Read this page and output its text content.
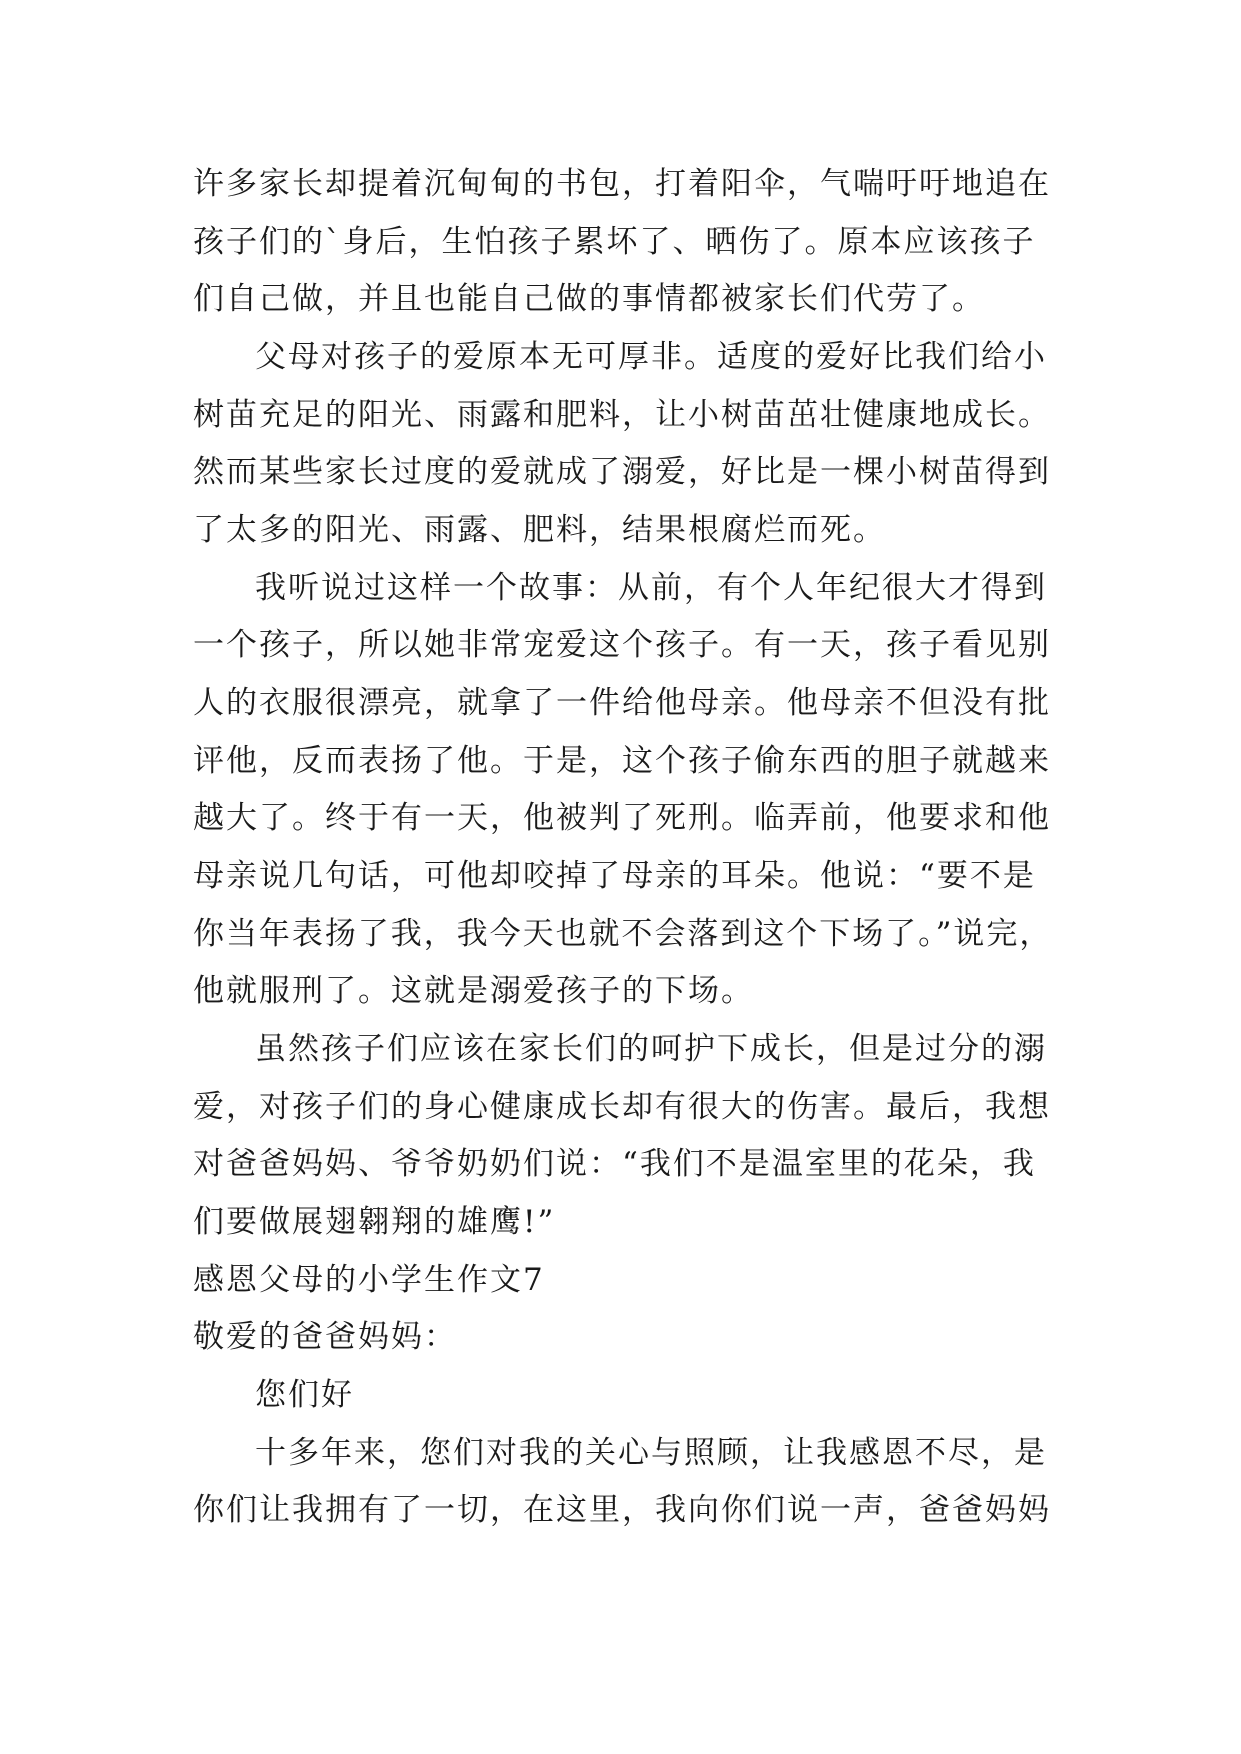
许多家长却提着沉甸甸的书包，打着阳伞，气喘吁吁地追在
孩子们的`身后，生怕孩子累坏了、晒伤了。原本应该孩子
们自己做，并且也能自己做的事情都被家长们代劳了。
父母对孩子的爱原本无可厚非。适度的爱好比我们给小
树苗充足的阳光、雨露和肥料，让小树苗茁壮健康地成长。
然而某些家长过度的爱就成了溺爱，好比是一棵小树苗得到
了太多的阳光、雨露、肥料，结果根腐烂而死。
我听说过这样一个故事：从前，有个人年纪很大才得到
一个孩子，所以她非常宠爱这个孩子。有一天，孩子看见别
人的衣服很漂亮，就拿了一件给他母亲。他母亲不但没有批
评他，反而表扬了他。于是，这个孩子偷东西的胆子就越来
越大了。终于有一天，他被判了死刑。临弄前，他要求和他
母亲说几句话，可他却咬掉了母亲的耳朵。他说：“要不是
你当年表扬了我，我今天也就不会落到这个下场了。”说完，
他就服刑了。这就是溺爱孩子的下场。
虽然孩子们应该在家长们的呵护下成长，但是过分的溺
爱，对孩子们的身心健康成长却有很大的伤害。最后，我想
对爸爸妈妈、爷爷奶奶们说：“我们不是温室里的花朵，我
们要做展翅翱翔的雄鹰!”
感恩父母的小学生作文7
敬爱的爸爸妈妈：
您们好
十多年来，您们对我的关心与照顾，让我感恩不尽，是
你们让我拥有了一切，在这里，我向你们说一声，爸爸妈妈
